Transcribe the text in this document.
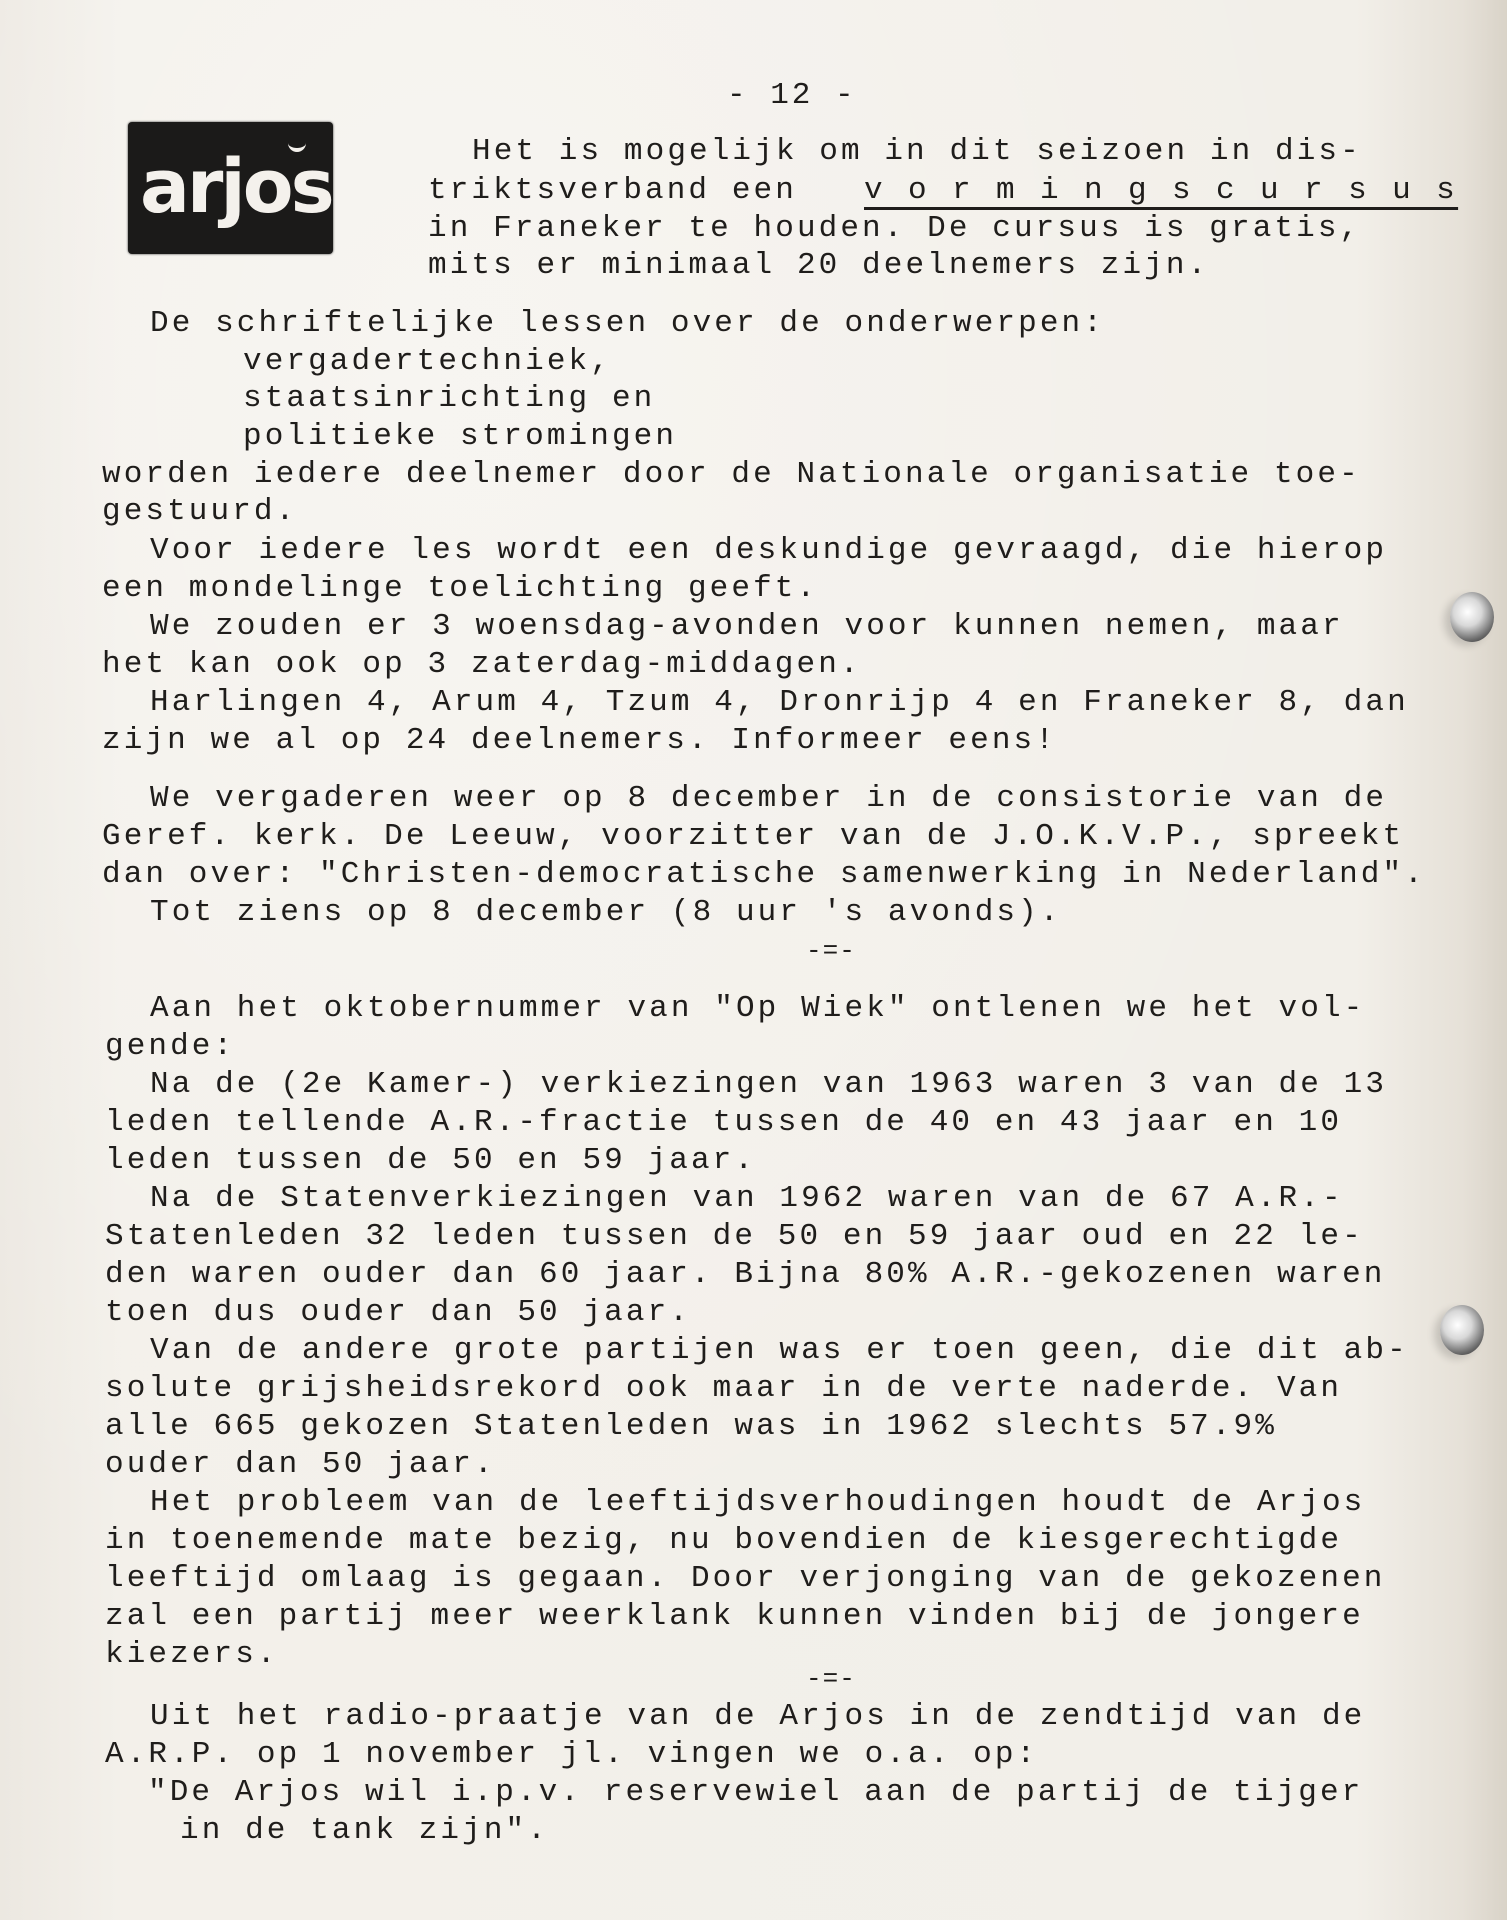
- 12 -
arjos	Het is mogelijk om in dit seizoen in dis-
triktsverband een v o r m i n g s c u r s u s
in Franeker te houden. De cursus is gratis,
mits er minimaal 20 deelnemers zijn.
De schriftelijke lessen over de onderwerpen:
vergadertechniek,
staatsinrichting en
politieke stromingen
worden iedere deelnemer door de Nationale organisatie toe-
gestuurd.
Voor iedere les wordt een deskundige gevraagd, die hierop
een mondelinge toelichting geeft.
We zouden er 3 woensdag-avonden voor kunnen nemen, maar
het kan ook op 3 zaterdag-middagen.
Harlingen 4, Arum 4, Tzum 4, Dronrijp 4 en Franeker 8, dan
zijn we al op 24 deelnemers. Informeer eens!
We vergaderen weer op 8 december in de consistorie van de
Geref. kerk. De Leeuw, voorzitter van de J.O.K.V.P., spreekt
dan over: "Christen-democratische samenwerking in Nederland".
Tot ziens op 8 december (8 uur 's avonds).
-=-
Aan het oktobernummer van "Op Wiek" ontlenen we het vol-
gende:
Na de (2e Kamer-) verkiezingen van 1963 waren 3 van de 13
leden tellende A.R.-fractie tussen de 40 en 43 jaar en 10
leden tussen de 50 en 59 jaar.
Na de Statenverkiezingen van 1962 waren van de 67 A.R.-
Statenleden 32 leden tussen de 50 en 59 jaar oud en 22 le-
den waren ouder dan 60 jaar. Bijna 80% A.R.-gekozenen waren
toen dus ouder dan 50 jaar.
Van de andere grote partijen was er toen geen, die dit ab-
solute grijsheidsrekord ook maar in de verte naderde. Van
alle 665 gekozen Statenleden was in 1962 slechts 57.9%
ouder dan 50 jaar.
Het probleem van de leeftijdsverhoudingen houdt de Arjos
in toenemende mate bezig, nu bovendien de kiesgerechtigde
leeftijd omlaag is gegaan. Door verjonging van de gekozenen
zal een partij meer weerklank kunnen vinden bij de jongere
kiezers.
-=-
Uit het radio-praatje van de Arjos in de zendtijd van de
A.R.P. op 1 november jl. vingen we o.a. op:
"De Arjos wil i.p.v. reservewiel aan de partij de tijger
in de tank zijn".
